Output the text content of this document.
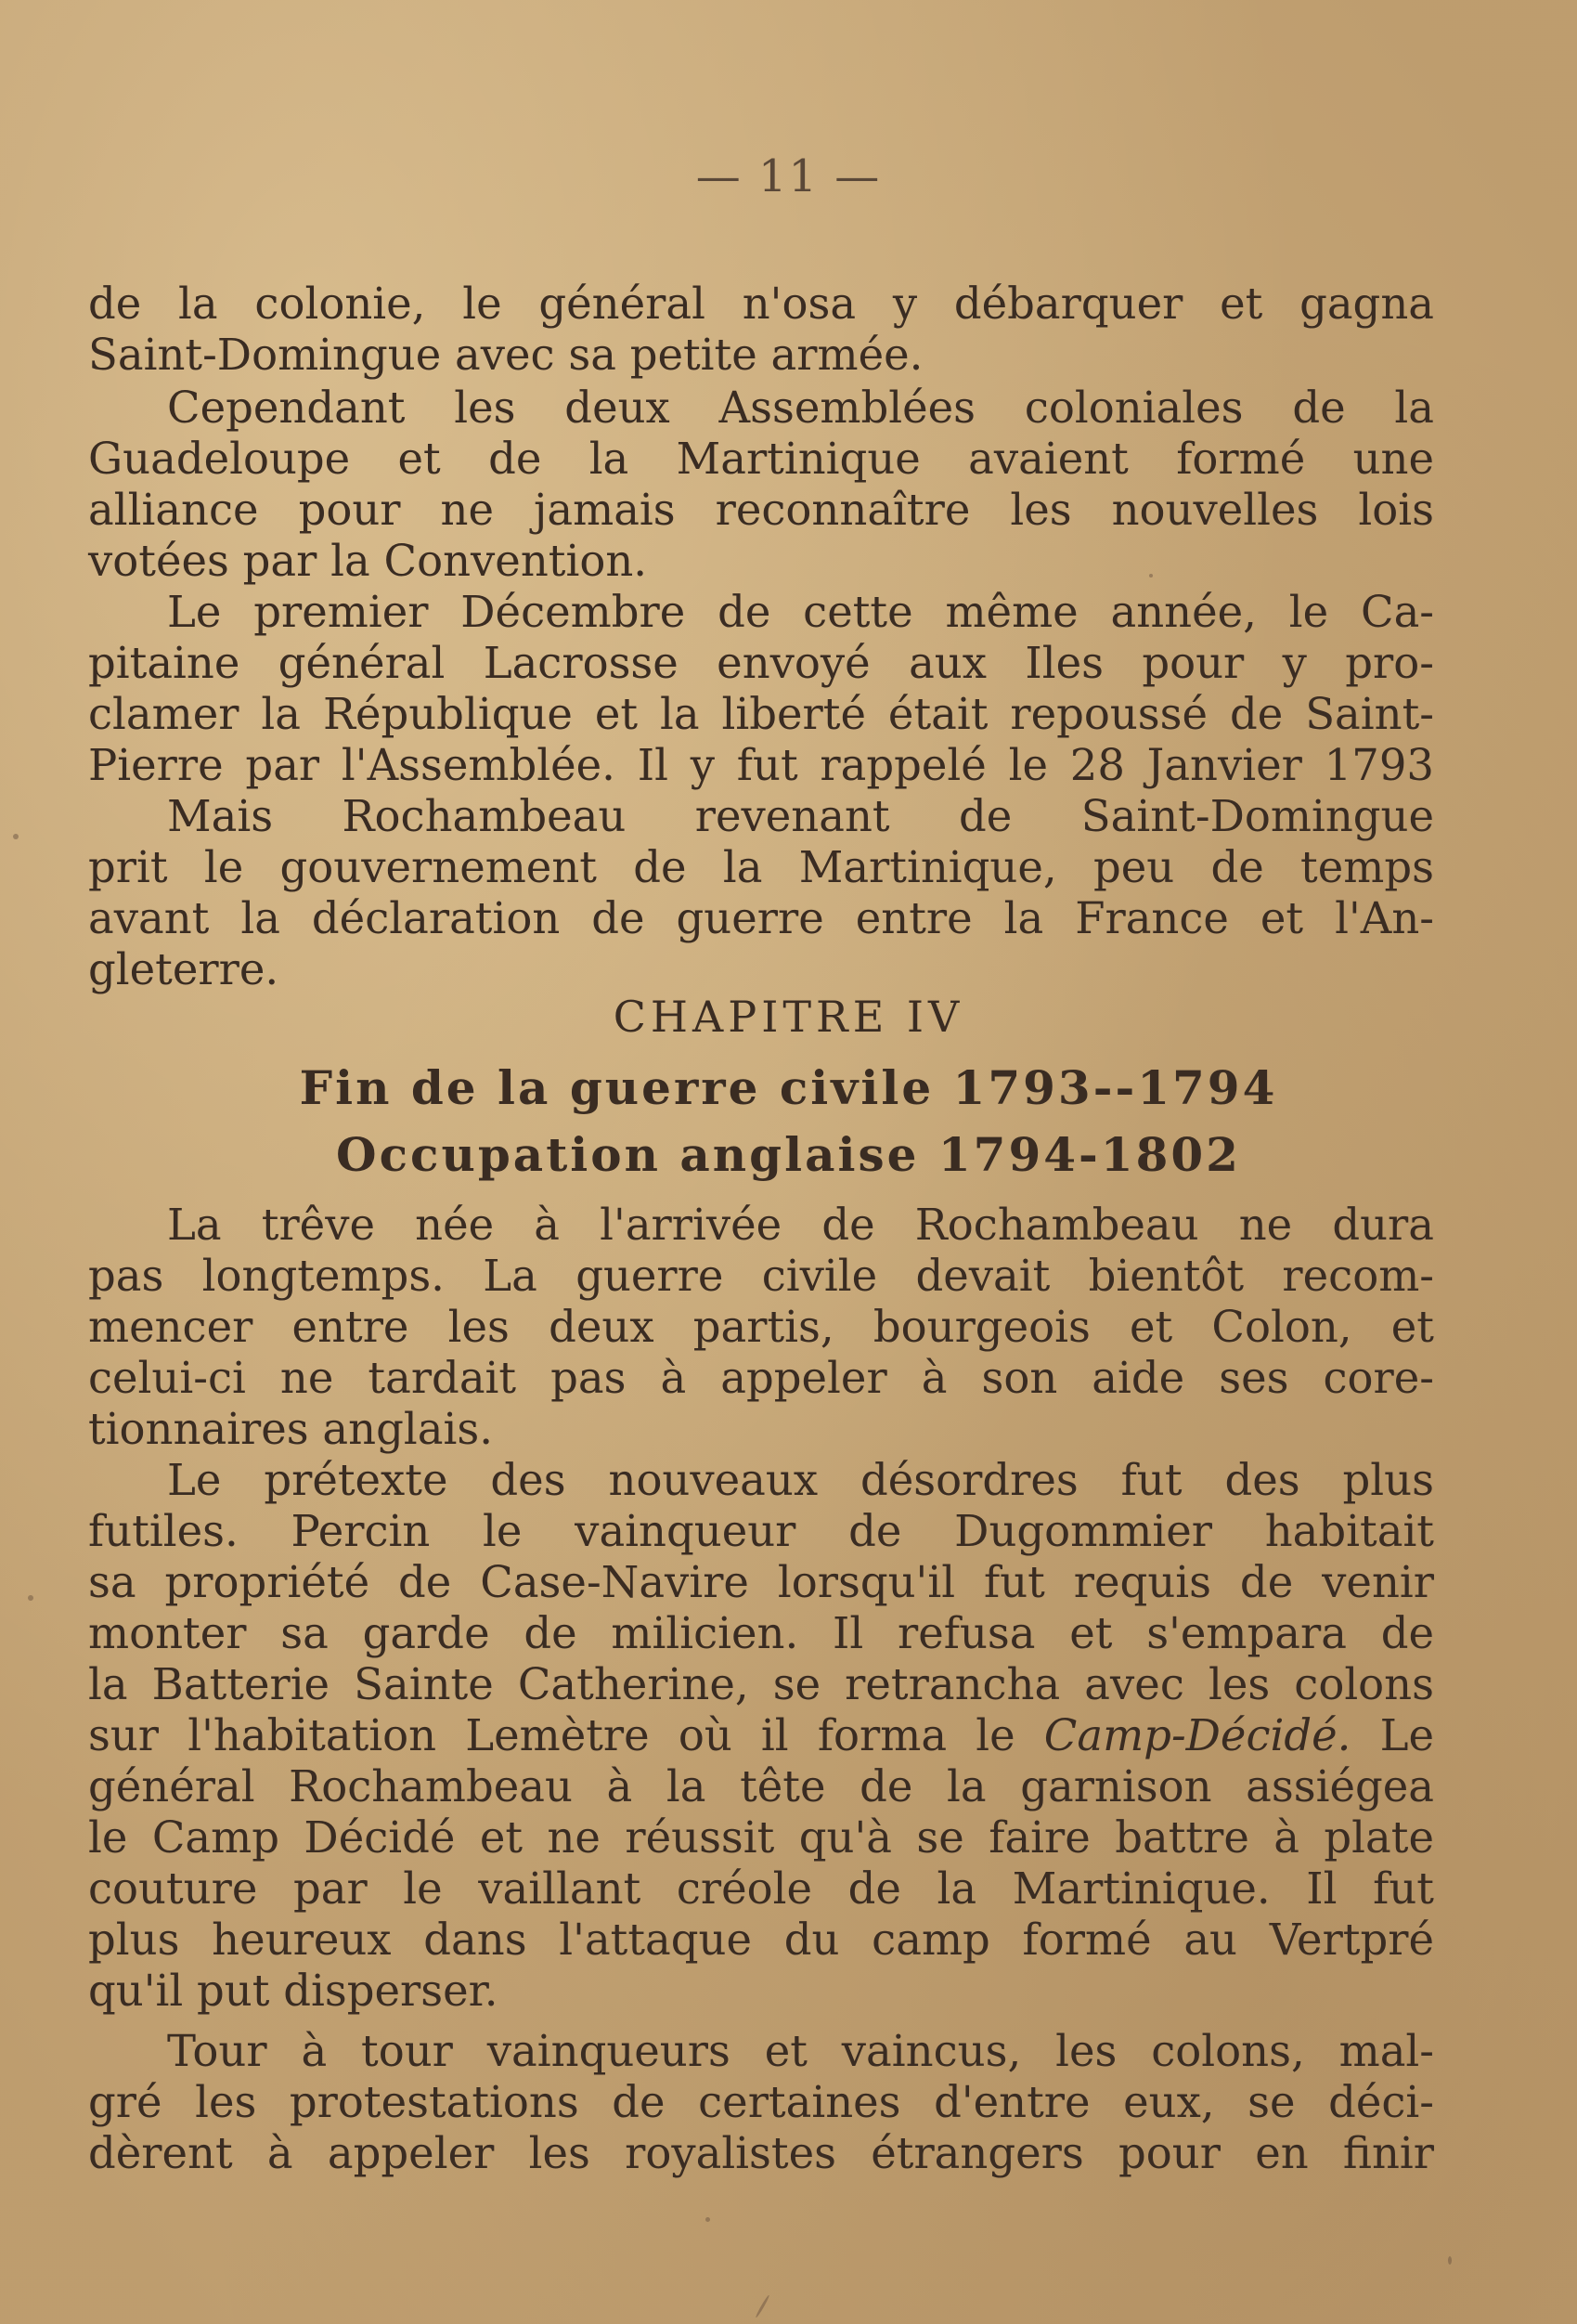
— 11 —
de la colonie, le général n'osa y débarquer et gagna
Saint-Domingue avec sa petite armée.
Cependant les deux Assemblées coloniales de la
Guadeloupe et de la Martinique avaient formé une
alliance pour ne jamais reconnaître les nouvelles lois
votées par la Convention.
Le premier Décembre de cette même année, le Ca-
pitaine général Lacrosse envoyé aux Iles pour y pro-
clamer la République et la liberté était repoussé de Saint-
Pierre par l'Assemblée. Il y fut rappelé le 28 Janvier 1793
Mais Rochambeau revenant de Saint-Domingue
prit le gouvernement de la Martinique, peu de temps
avant la déclaration de guerre entre la France et l'An-
gleterre.
CHAPITRE IV
Fin de la guerre civile 1793--1794
Occupation anglaise 1794-1802
La trêve née à l'arrivée de Rochambeau ne dura
pas longtemps. La guerre civile devait bientôt recom-
mencer entre les deux partis, bourgeois et Colon, et
celui-ci ne tardait pas à appeler à son aide ses core-
tionnaires anglais.
Le prétexte des nouveaux désordres fut des plus
futiles. Percin le vainqueur de Dugommier habitait
sa propriété de Case-Navire lorsqu'il fut requis de venir
monter sa garde de milicien. Il refusa et s'empara de
la Batterie Sainte Catherine, se retrancha avec les colons
sur l'habitation Lemètre où il forma le Camp-Décidé. Le
général Rochambeau à la tête de la garnison assiégea
le Camp Décidé et ne réussit qu'à se faire battre à plate
couture par le vaillant créole de la Martinique. Il fut
plus heureux dans l'attaque du camp formé au Vertpré
qu'il put disperser.
Tour à tour vainqueurs et vaincus, les colons, mal-
gré les protestations de certaines d'entre eux, se déci-
dèrent à appeler les royalistes étrangers pour en finir
